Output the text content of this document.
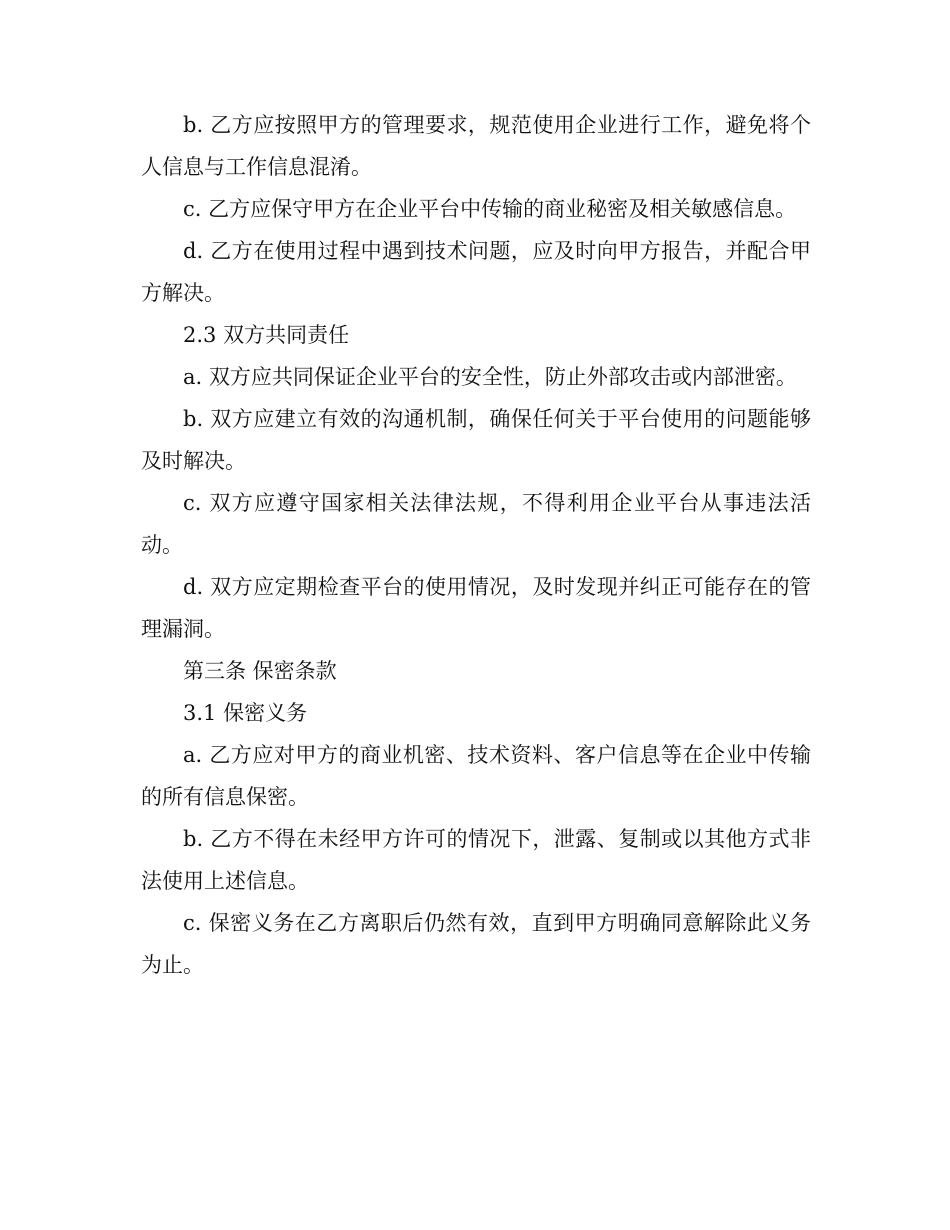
b. 乙方应按照甲方的管理要求，规范使用企业进行工作，避免将个人信息与工作信息混淆。

c. 乙方应保守甲方在企业平台中传输的商业秘密及相关敏感信息。

d. 乙方在使用过程中遇到技术问题，应及时向甲方报告，并配合甲方解决。

2.3 双方共同责任

a. 双方应共同保证企业平台的安全性，防止外部攻击或内部泄密。

b. 双方应建立有效的沟通机制，确保任何关于平台使用的问题能够及时解决。

c. 双方应遵守国家相关法律法规，不得利用企业平台从事违法活动。

d. 双方应定期检查平台的使用情况，及时发现并纠正可能存在的管理漏洞。

第三条 保密条款

3.1 保密义务

a. 乙方应对甲方的商业机密、技术资料、客户信息等在企业中传输的所有信息保密。

b. 乙方不得在未经甲方许可的情况下，泄露、复制或以其他方式非法使用上述信息。

c. 保密义务在乙方离职后仍然有效，直到甲方明确同意解除此义务为止。
